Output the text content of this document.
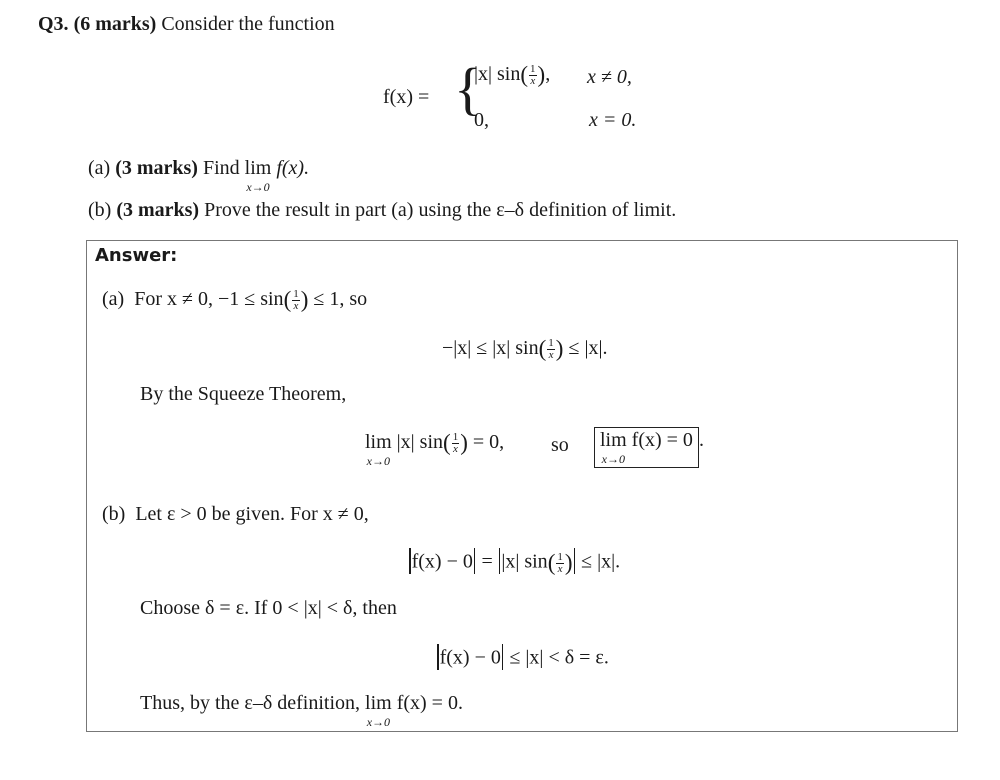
Q3. (6 marks) Consider the function
f(x) = {
|x| $\sin( \frac{1}{x}$ ), x ≠ 0,
0,	x = 0.
(a) (3 marks) Find lim
x→0
f(x).
(b) (3 marks) Prove the result in part (a) using the ε–δ definition of limit.
Answer:
(a) For x ≠ 0, $-1 \le \sin( \frac{1}{x}$ ) ≤ 1, so
−|x| ≤ |x| $\sin( \frac{1}{x}$ ) ≤ |x|.
By the Squeeze Theorem,
lim
x→0
|x| $\sin( \frac{1}{x}$ ) = 0, so lim
x→0
f(x) = 0 .
(b) Let ε > 0 be given. For x ≠ 0,
f(x) − 0 = |x| $\sin( \frac{1}{x}$ ) ≤ |x|.
Choose δ = ε. If 0 < |x| < δ, then
f(x) − 0 ≤ |x| < δ = ε.
Thus, by the ε–δ definition, lim
x→0
f(x) = 0.
